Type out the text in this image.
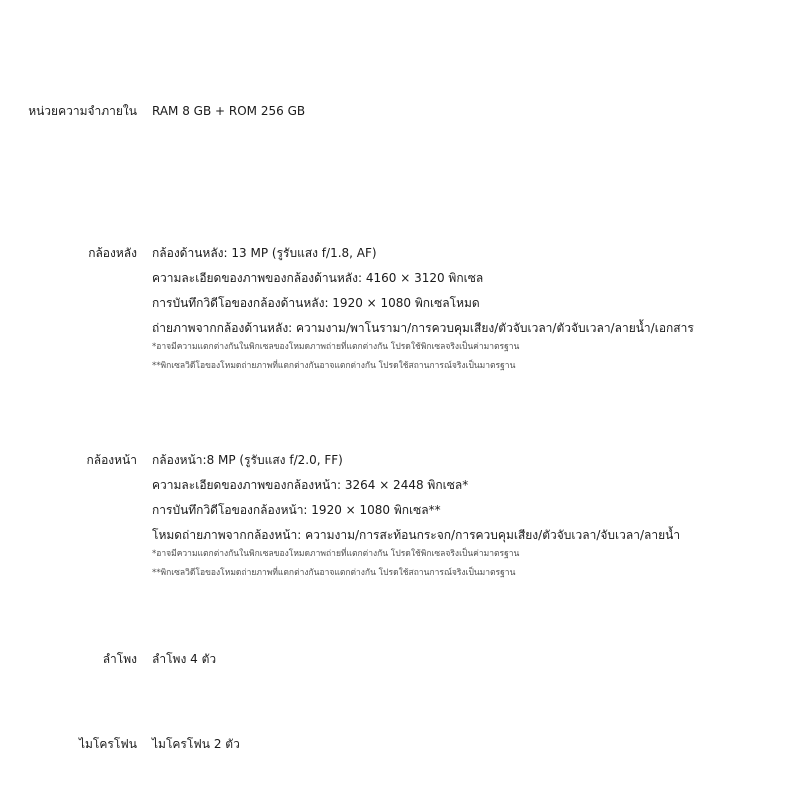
หน่วยความจำภายใน RAM 8 GB + ROM 256 GB
กล้องหลัง กล้องด้านหลัง: 13 MP (รูรับแสง f/1.8, AF)
ความละเอียดของภาพของกล้องด้านหลัง: 4160 × 3120 พิกเซล
การบันทึกวิดีโอของกล้องด้านหลัง: 1920 × 1080 พิกเซลโหมด
ถ่ายภาพจากกล้องด้านหลัง: ความงาม/พาโนรามา/การควบคุมเสียง/ตัวจับเวลา/ตัวจับเวลา/ลายน้ำ/เอกสาร
*อาจมีความแตกต่างกันในพิกเซลของโหมดภาพถ่ายที่แตกต่างกัน โปรดใช้พิกเซลจริงเป็นค่ามาตรฐาน
**พิกเซลวิดีโอของโหมดถ่ายภาพที่แตกต่างกันอาจแตกต่างกัน โปรดใช้สถานการณ์จริงเป็นมาตรฐาน
กล้องหน้า กล้องหน้า:8 MP (รูรับแสง f/2.0, FF)
ความละเอียดของภาพของกล้องหน้า: 3264 × 2448 พิกเซล*
การบันทึกวิดีโอของกล้องหน้า: 1920 × 1080 พิกเซล**
โหมดถ่ายภาพจากกล้องหน้า: ความงาม/การสะท้อนกระจก/การควบคุมเสียง/ตัวจับเวลา/จับเวลา/ลายน้ำ
*อาจมีความแตกต่างกันในพิกเซลของโหมดภาพถ่ายที่แตกต่างกัน โปรดใช้พิกเซลจริงเป็นค่ามาตรฐาน
**พิกเซลวิดีโอของโหมดถ่ายภาพที่แตกต่างกันอาจแตกต่างกัน โปรดใช้สถานการณ์จริงเป็นมาตรฐาน
ลำโพง ลำโพง 4 ตัว
ไมโครโฟน ไมโครโฟน 2 ตัว
